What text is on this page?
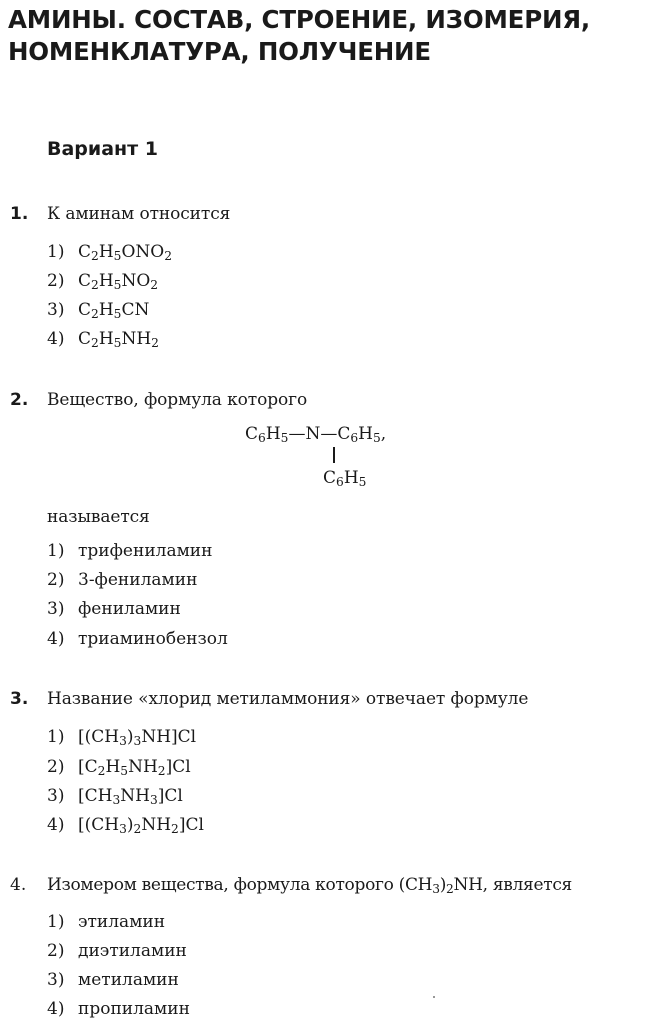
АМИНЫ. СОСТАВ, СТРОЕНИЕ, ИЗОМЕРИЯ, НОМЕНКЛАТУРА, ПОЛУЧЕНИЕ
Вариант 1
1. К аминам относится
1) $C_2H_5ONO_2$
2) $C_2H_5NO_2$
3) $C_2H_5CN$
4) $C_2H_5NH_2$
2. Вещество, формула которого
$C_6H_5—N—C_6H_5$,
$C_6H_5$
называется
1) трифениламин
2) 3-фениламин
3) фениламин
4) триаминобензол
3. Название «хлорид метиламмония» отвечает формуле
1) $[(CH_3)_3NH]Cl$
2) $[C_2H_5NH_2]Cl$
3) $[CH_3NH_3]Cl$
4) $[(CH_3)_2NH_2]Cl$
4. Изомером вещества, формула которого $(CH_3)_2NH$, является
1) этиламин
2) диэтиламин
3) метиламин
4) пропиламин
